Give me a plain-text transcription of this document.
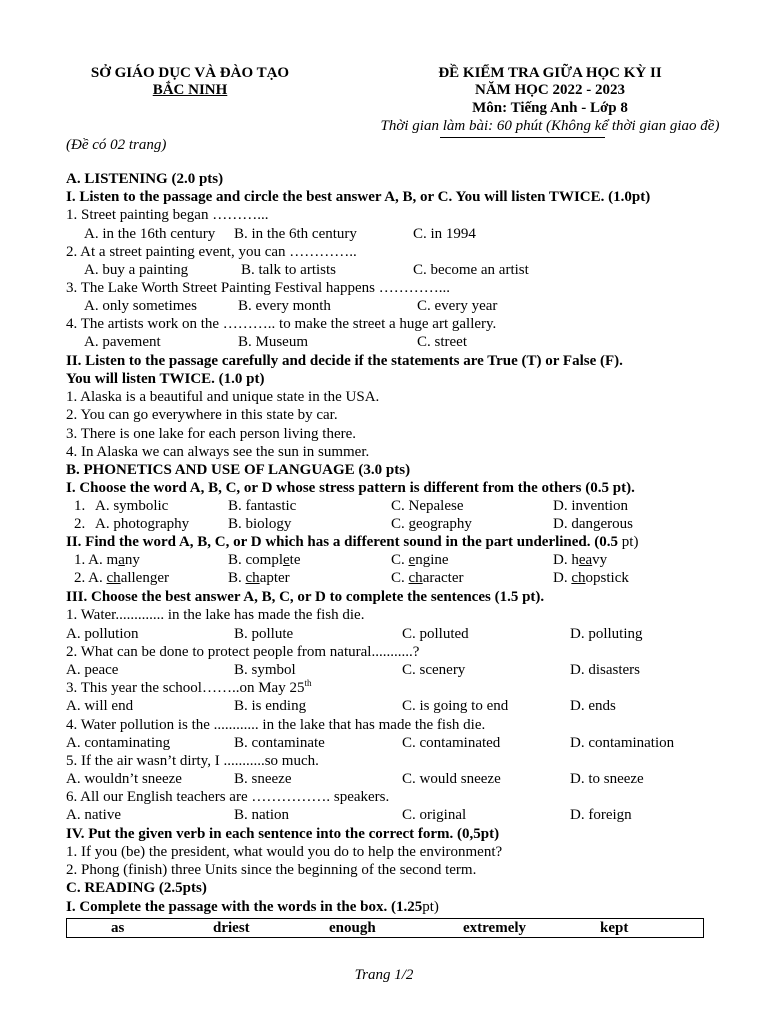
SỞ GIÁO DỤC VÀ ĐÀO TẠO
BẮC NINH
ĐỀ KIỂM TRA GIỮA HỌC KỲ II
NĂM HỌC 2022 - 2023
Môn: Tiếng Anh - Lớp 8
Thời gian làm bài: 60 phút (Không kể thời gian giao đề)
(Đề có 02 trang)
A. LISTENING (2.0 pts)
I. Listen to the passage and circle the best answer A, B, or C. You will listen TWICE. (1.0pt)
1. Street painting began ………...
A. in the 16th century B. in the 6th century	C. in 1994
2. At a street painting event, you can …………..
A. buy a painting	B. talk to artists	C. become an artist
3. The Lake Worth Street Painting Festival happens …………...
A. only sometimes	B. every month	C. every year
4. The artists work on the ……….. to make the street a huge art gallery.
A. pavement	B. Museum	C. street
II. Listen to the passage carefully and decide if the statements are True (T) or False (F).
You will listen TWICE. (1.0 pt)
1. Alaska is a beautiful and unique state in the USA.
2. You can go everywhere in this state by car.
3. There is one lake for each person living there.
4. In Alaska we can always see the sun in summer.
B. PHONETICS AND USE OF LANGUAGE (3.0 pts)
I. Choose the word A, B, C, or D whose stress pattern is different from the others (0.5 pt).
1. A. symbolic	B. fantastic	C. Nepalese	D. invention
2. A. photography	B. biology	C. geography	D. dangerous
II. Find the word A, B, C, or D which has a different sound in the part underlined. (0.5 pt)
1. A. many	B. complete	C. engine	D. heavy
2. A. challenger	B. chapter	C. character	D. chopstick
III. Choose the best answer A, B, C, or D to complete the sentences (1.5 pt).
1. Water............. in the lake has made the fish die.
A. pollution	B. pollute	C. polluted	D. polluting
2. What can be done to protect people from natural...........?
A. peace	B. symbol	C. scenery	D. disasters
3. This year the school……..on May 25th
A. will end	B. is ending	C. is going to end	D. ends
4. Water pollution is the ............ in the lake that has made the fish die.
A. contaminating	B. contaminate	C. contaminated	D. contamination
5. If the air wasn’t dirty, I ...........so much.
A. wouldn’t sneeze	B. sneeze	C. would sneeze	D. to sneeze
6. All our English teachers are ……………. speakers.
A. native	B. nation	C. original	D. foreign
IV. Put the given verb in each sentence into the correct form. (0,5pt)
1. If you (be) the president, what would you do to help the environment?
2. Phong (finish) three Units since the beginning of the second term.
C. READING (2.5pts)
I. Complete the passage with the words in the box. (1.25pt)
as	driest	enough	extremely	kept
Trang 1/2
